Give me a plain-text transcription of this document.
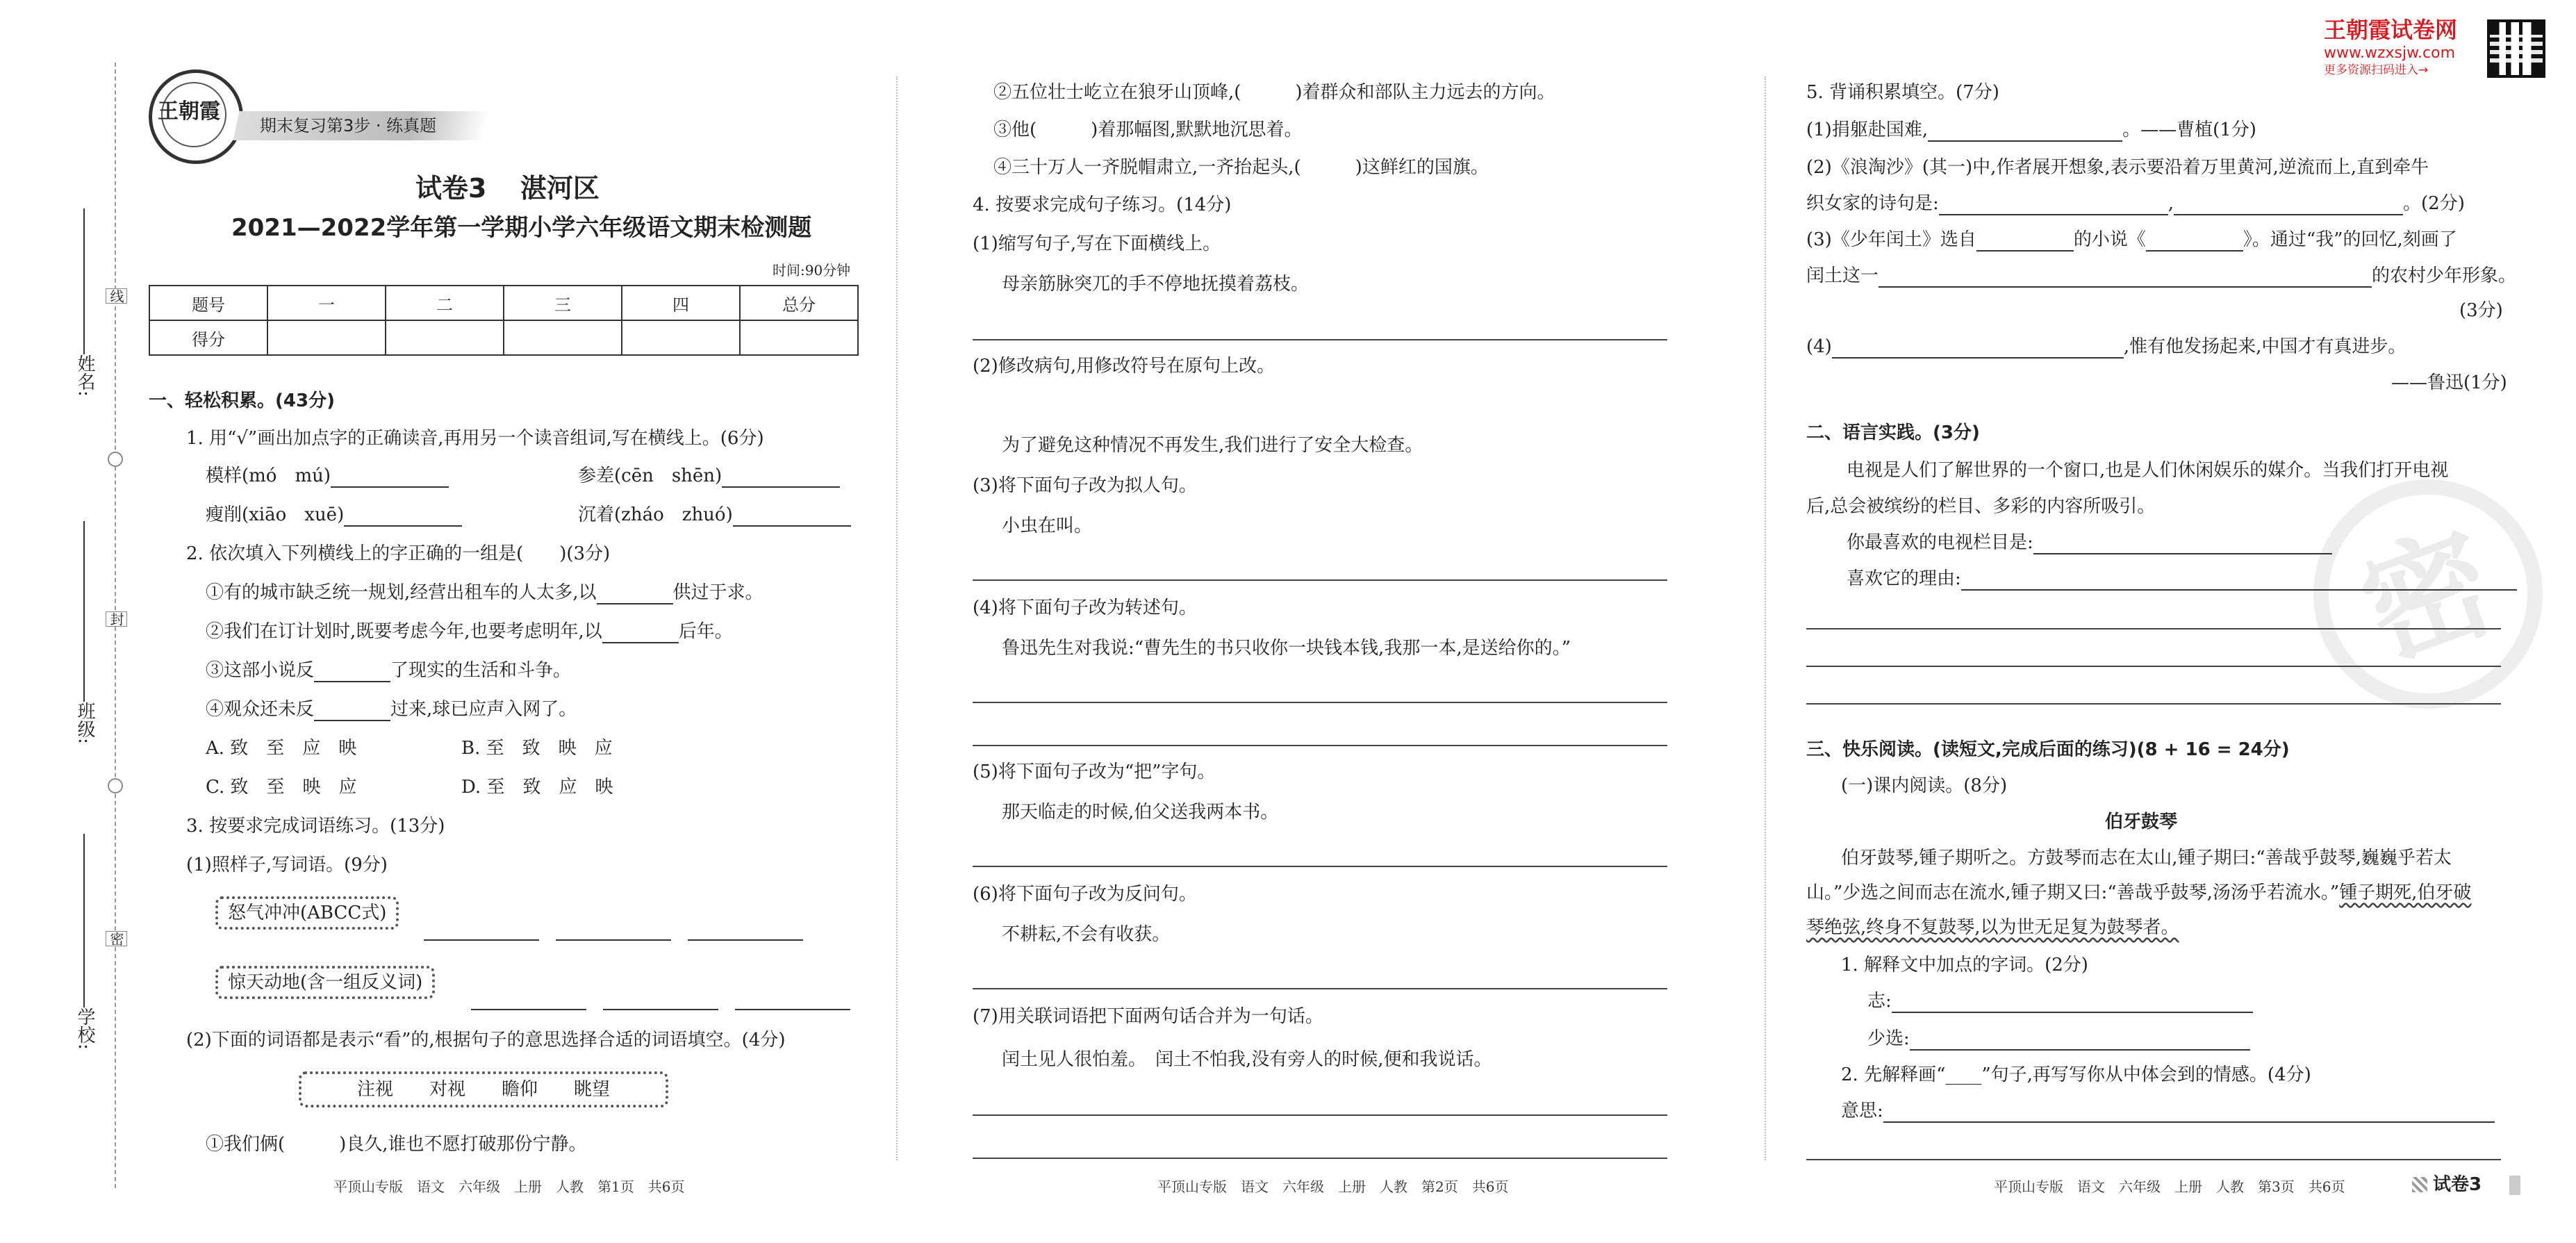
姓名:
班级:
学校:
线
封
密
王朝霞
期末复习第3步 · 练真题
试卷3 湛河区
2021—2022学年第一学期小学六年级语文期末检测题
时间:90分钟
题号	一	二	三	四	总分
得分					
一、轻松积累。(43分)
1. 用“√”画出加点字的正确读音,再用另一个读音组词,写在横线上。(6分)
模样(mó　mú)	参差(cēn　shēn)
瘦削(xiāo　xuē)	沉着(zháo　zhuó)
2. 依次填入下列横线上的字正确的一组是(　　)(3分)
①有的城市缺乏统一规划,经营出租车的人太多,以	供过于求。
②我们在订计划时,既要考虑今年,也要考虑明年,以	后年。
③这部小说反	了现实的生活和斗争。
④观众还未反	过来,球已应声入网了。
A. 致　至　应　映	B. 至　致　映　应
C. 致　至　映　应	D. 至　致　应　映
3. 按要求完成词语练习。(13分)
(1)照样子,写词语。(9分)
怒气冲冲(ABCC式)
惊天动地(含一组反义词)
(2)下面的词语都是表示“看”的,根据句子的意思选择合适的词语填空。(4分)
注视　　对视　　瞻仰　　眺望
①我们俩(　　　)良久,谁也不愿打破那份宁静。
平顶山专版　语文　六年级　上册　人教　第1页　共6页
②五位壮士屹立在狼牙山顶峰,(　　　)着群众和部队主力远去的方向。
③他(　　　)着那幅图,默默地沉思着。
④三十万人一齐脱帽肃立,一齐抬起头,(　　　)这鲜红的国旗。
4. 按要求完成句子练习。(14分)
(1)缩写句子,写在下面横线上。
母亲筋脉突兀的手不停地抚摸着荔枝。
(2)修改病句,用修改符号在原句上改。
为了避免这种情况不再发生,我们进行了安全大检查。
(3)将下面句子改为拟人句。
小虫在叫。
(4)将下面句子改为转述句。
鲁迅先生对我说:“曹先生的书只收你一块钱本钱,我那一本,是送给你的。”
(5)将下面句子改为“把”字句。
那天临走的时候,伯父送我两本书。
(6)将下面句子改为反问句。
不耕耘,不会有收获。
(7)用关联词语把下面两句话合并为一句话。
闰土见人很怕羞。　闰土不怕我,没有旁人的时候,便和我说话。
平顶山专版　语文　六年级　上册　人教　第2页　共6页
王朝霞试卷网
www.wzxsjw.com
更多资源扫码进入→
密
5. 背诵积累填空。(7分)
(1)捐躯赴国难,	。——曹植(1分)
(2)《浪淘沙》(其一)中,作者展开想象,表示要沿着万里黄河,逆流而上,直到牵牛
织女家的诗句是:	,	。(2分)
(3)《少年闰土》选自	的小说《	》。通过“我”的回忆,刻画了
闰土这一	的农村少年形象。
(3分)
(4)	,惟有他发扬起来,中国才有真进步。
——鲁迅(1分)
二、语言实践。(3分)
电视是人们了解世界的一个窗口,也是人们休闲娱乐的媒介。当我们打开电视
后,总会被缤纷的栏目、多彩的内容所吸引。
你最喜欢的电视栏目是:
喜欢它的理由:
三、快乐阅读。(读短文,完成后面的练习)(8 + 16 = 24分)
(一)课内阅读。(8分)
伯牙鼓琴
伯牙鼓琴,锺子期听之。方鼓琴而志在太山,锺子期曰:“善哉乎鼓琴,巍巍乎若太
山。”少选之间而志在流水,锺子期又曰:“善哉乎鼓琴,汤汤乎若流水。”锺子期死,伯牙破
琴绝弦,终身不复鼓琴,以为世无足复为鼓琴者。
1. 解释文中加点的字词。(2分)
志:
少选:
2. 先解释画“____”句子,再写写你从中体会到的情感。(4分)
意思:
平顶山专版　语文　六年级　上册　人教　第3页　共6页	试卷3
